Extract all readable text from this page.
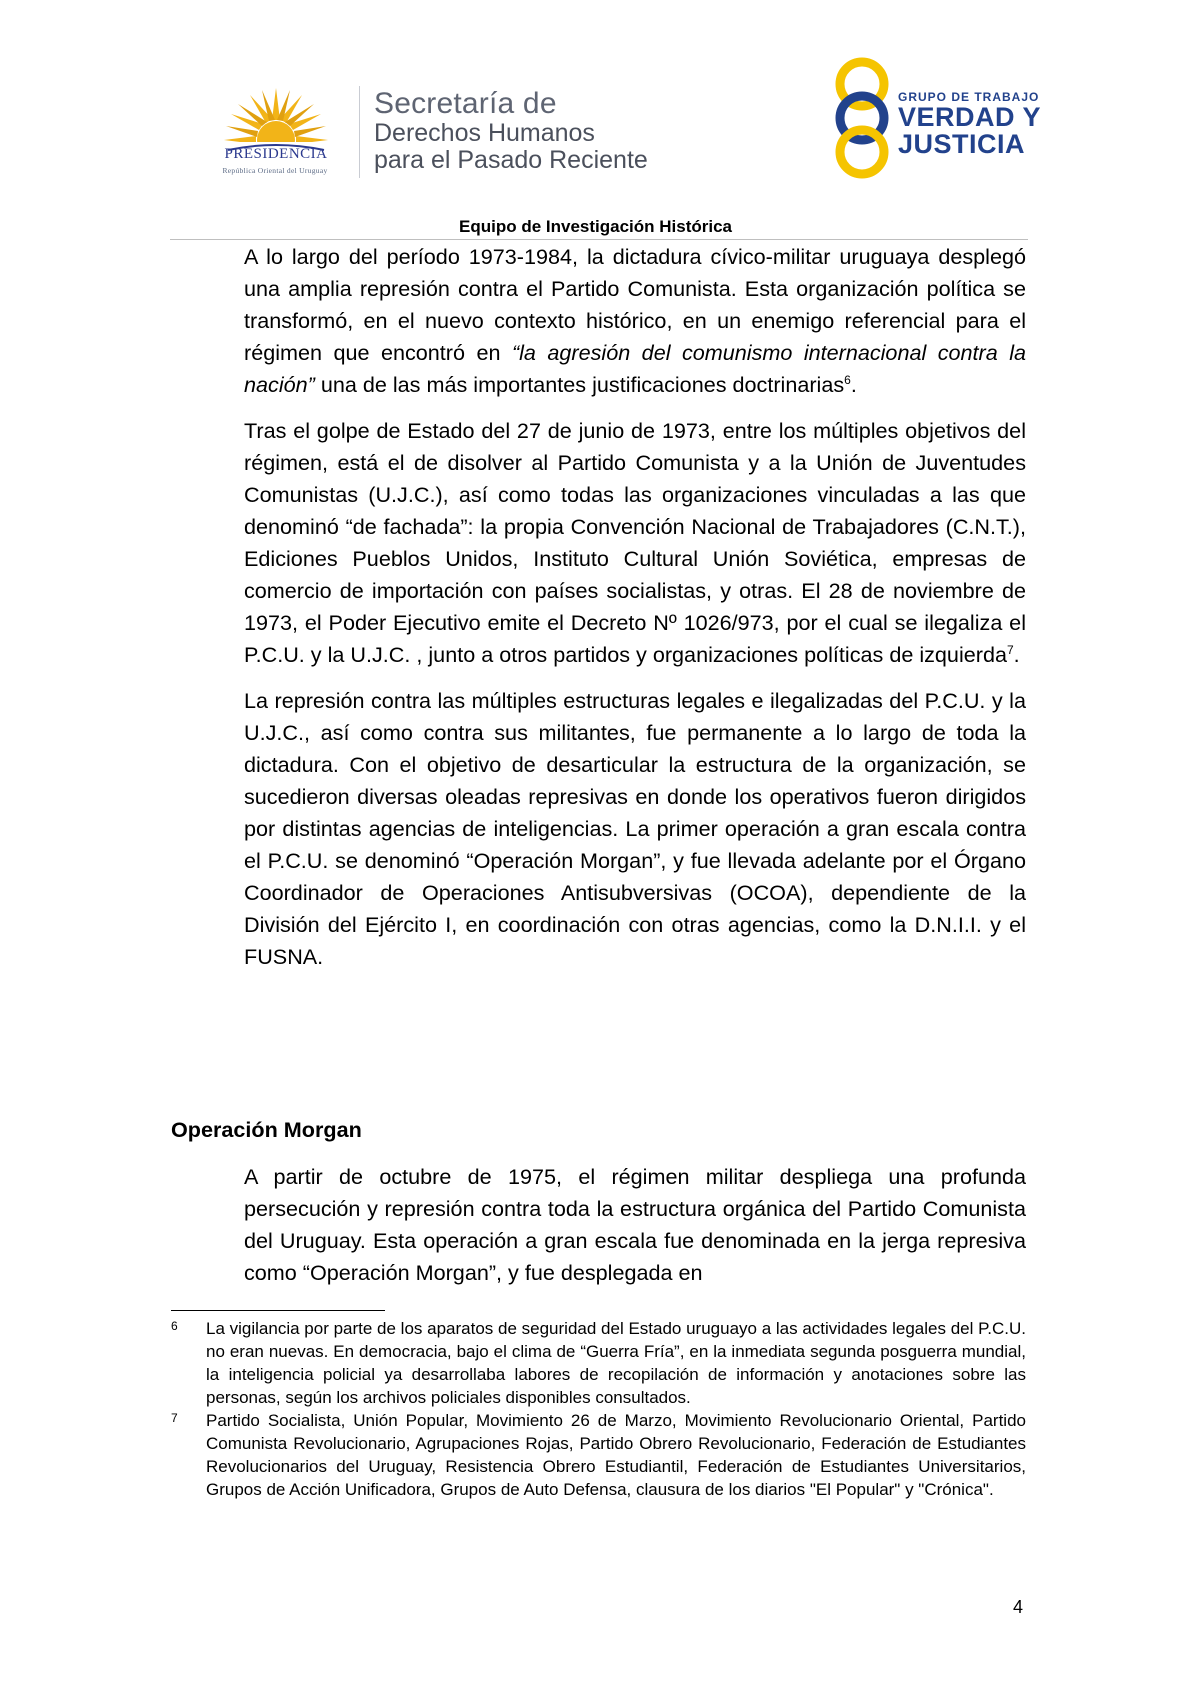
PRESIDENCIA
República Oriental del Uruguay
Secretaría de
Derechos Humanos
para el Pasado Reciente
GRUPO DE TRABAJO
VERDAD Y
JUSTICIA
Equipo de Investigación Histórica

A lo largo del período 1973-1984, la dictadura cívico-militar uruguaya desplegó una amplia represión contra el Partido Comunista. Esta organización política se transformó, en el nuevo contexto histórico, en un enemigo referencial para el régimen que encontró en “la agresión del comunismo internacional contra la nación” una de las más importantes justificaciones doctrinarias$^6$.

Tras el golpe de Estado del 27 de junio de 1973, entre los múltiples objetivos del régimen, está el de disolver al Partido Comunista y a la Unión de Juventudes Comunistas (U.J.C.), así como todas las organizaciones vinculadas a las que denominó “de fachada”: la propia Convención Nacional de Trabajadores (C.N.T.), Ediciones Pueblos Unidos, Instituto Cultural Unión Soviética, empresas de comercio de importación con países socialistas, y otras. El 28 de noviembre de 1973, el Poder Ejecutivo emite el Decreto Nº 1026/973, por el cual se ilegaliza el P.C.U. y la U.J.C. , junto a otros partidos y organizaciones políticas de izquierda$^7$.

La represión contra las múltiples estructuras legales e ilegalizadas del P.C.U. y la U.J.C., así como contra sus militantes, fue permanente a lo largo de toda la dictadura. Con el objetivo de desarticular la estructura de la organización, se sucedieron diversas oleadas represivas en donde los operativos fueron dirigidos por distintas agencias de inteligencias. La primer operación a gran escala contra el P.C.U. se denominó “Operación Morgan”, y fue llevada adelante por el Órgano Coordinador de Operaciones Antisubversivas (OCOA), dependiente de la División del Ejército I, en coordinación con otras agencias, como la D.N.I.I. y el FUSNA.

Operación Morgan

A partir de octubre de 1975, el régimen militar despliega una profunda persecución y represión contra toda la estructura orgánica del Partido Comunista del Uruguay. Esta operación a gran escala fue denominada en la jerga represiva como “Operación Morgan”, y fue desplegada en

6	La vigilancia por parte de los aparatos de seguridad del Estado uruguayo a las actividades legales del P.C.U. no eran nuevas. En democracia, bajo el clima de “Guerra Fría”, en la inmediata segunda posguerra mundial, la inteligencia policial ya desarrollaba labores de recopilación de información y anotaciones sobre las personas, según los archivos policiales disponibles consultados.
7	Partido Socialista, Unión Popular, Movimiento 26 de Marzo, Movimiento Revolucionario Oriental, Partido Comunista Revolucionario, Agrupaciones Rojas, Partido Obrero Revolucionario, Federación de Estudiantes Revolucionarios del Uruguay, Resistencia Obrero Estudiantil, Federación de Estudiantes Universitarios, Grupos de Acción Unificadora, Grupos de Auto Defensa, clausura de los diarios "El Popular" y "Crónica".
4
